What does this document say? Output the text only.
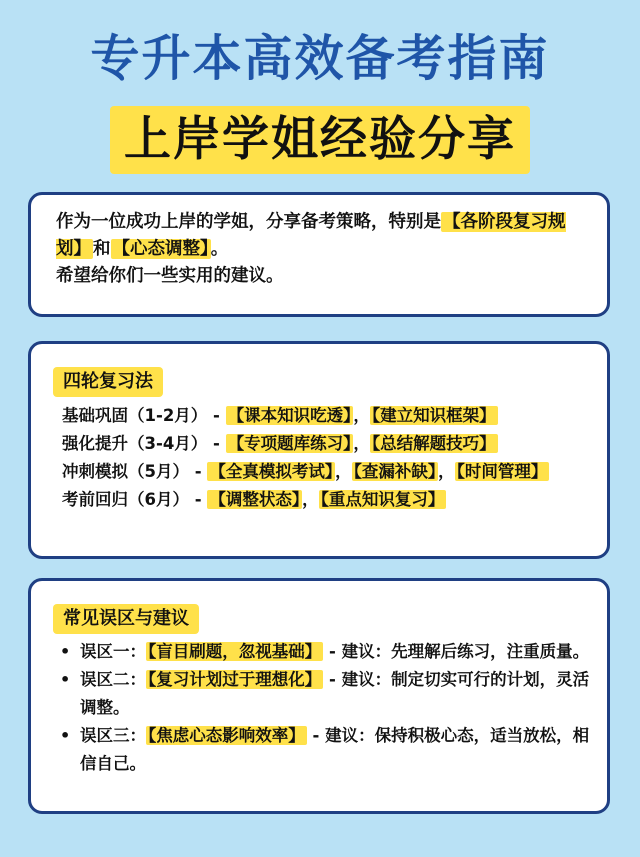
专升本高效备考指南
上岸学姐经验分享
作为一位成功上岸的学姐，分享备考策略，特别是 【各阶段复习规划】 和 【心态调整】 。
希望给你们一些实用的建议。
四轮复习法
基础巩固（1-2月） - 【课本知识吃透】 ， 【建立知识框架】
强化提升（3-4月） - 【专项题库练习】 ， 【总结解题技巧】
冲刺模拟（5月） - 【全真模拟考试】 ， 【查漏补缺】 ， 【时间管理】
考前回归（6月） - 【调整状态】 ， 【重点知识复习】
常见误区与建议
• 误区一： 【盲目刷题，忽视基础】 - 建议：先理解后练习，注重质量。
• 误区二： 【复习计划过于理想化】 - 建议：制定切实可行的计划，灵活调整。
• 误区三： 【焦虑心态影响效率】 - 建议：保持积极心态，适当放松，相信自己。
